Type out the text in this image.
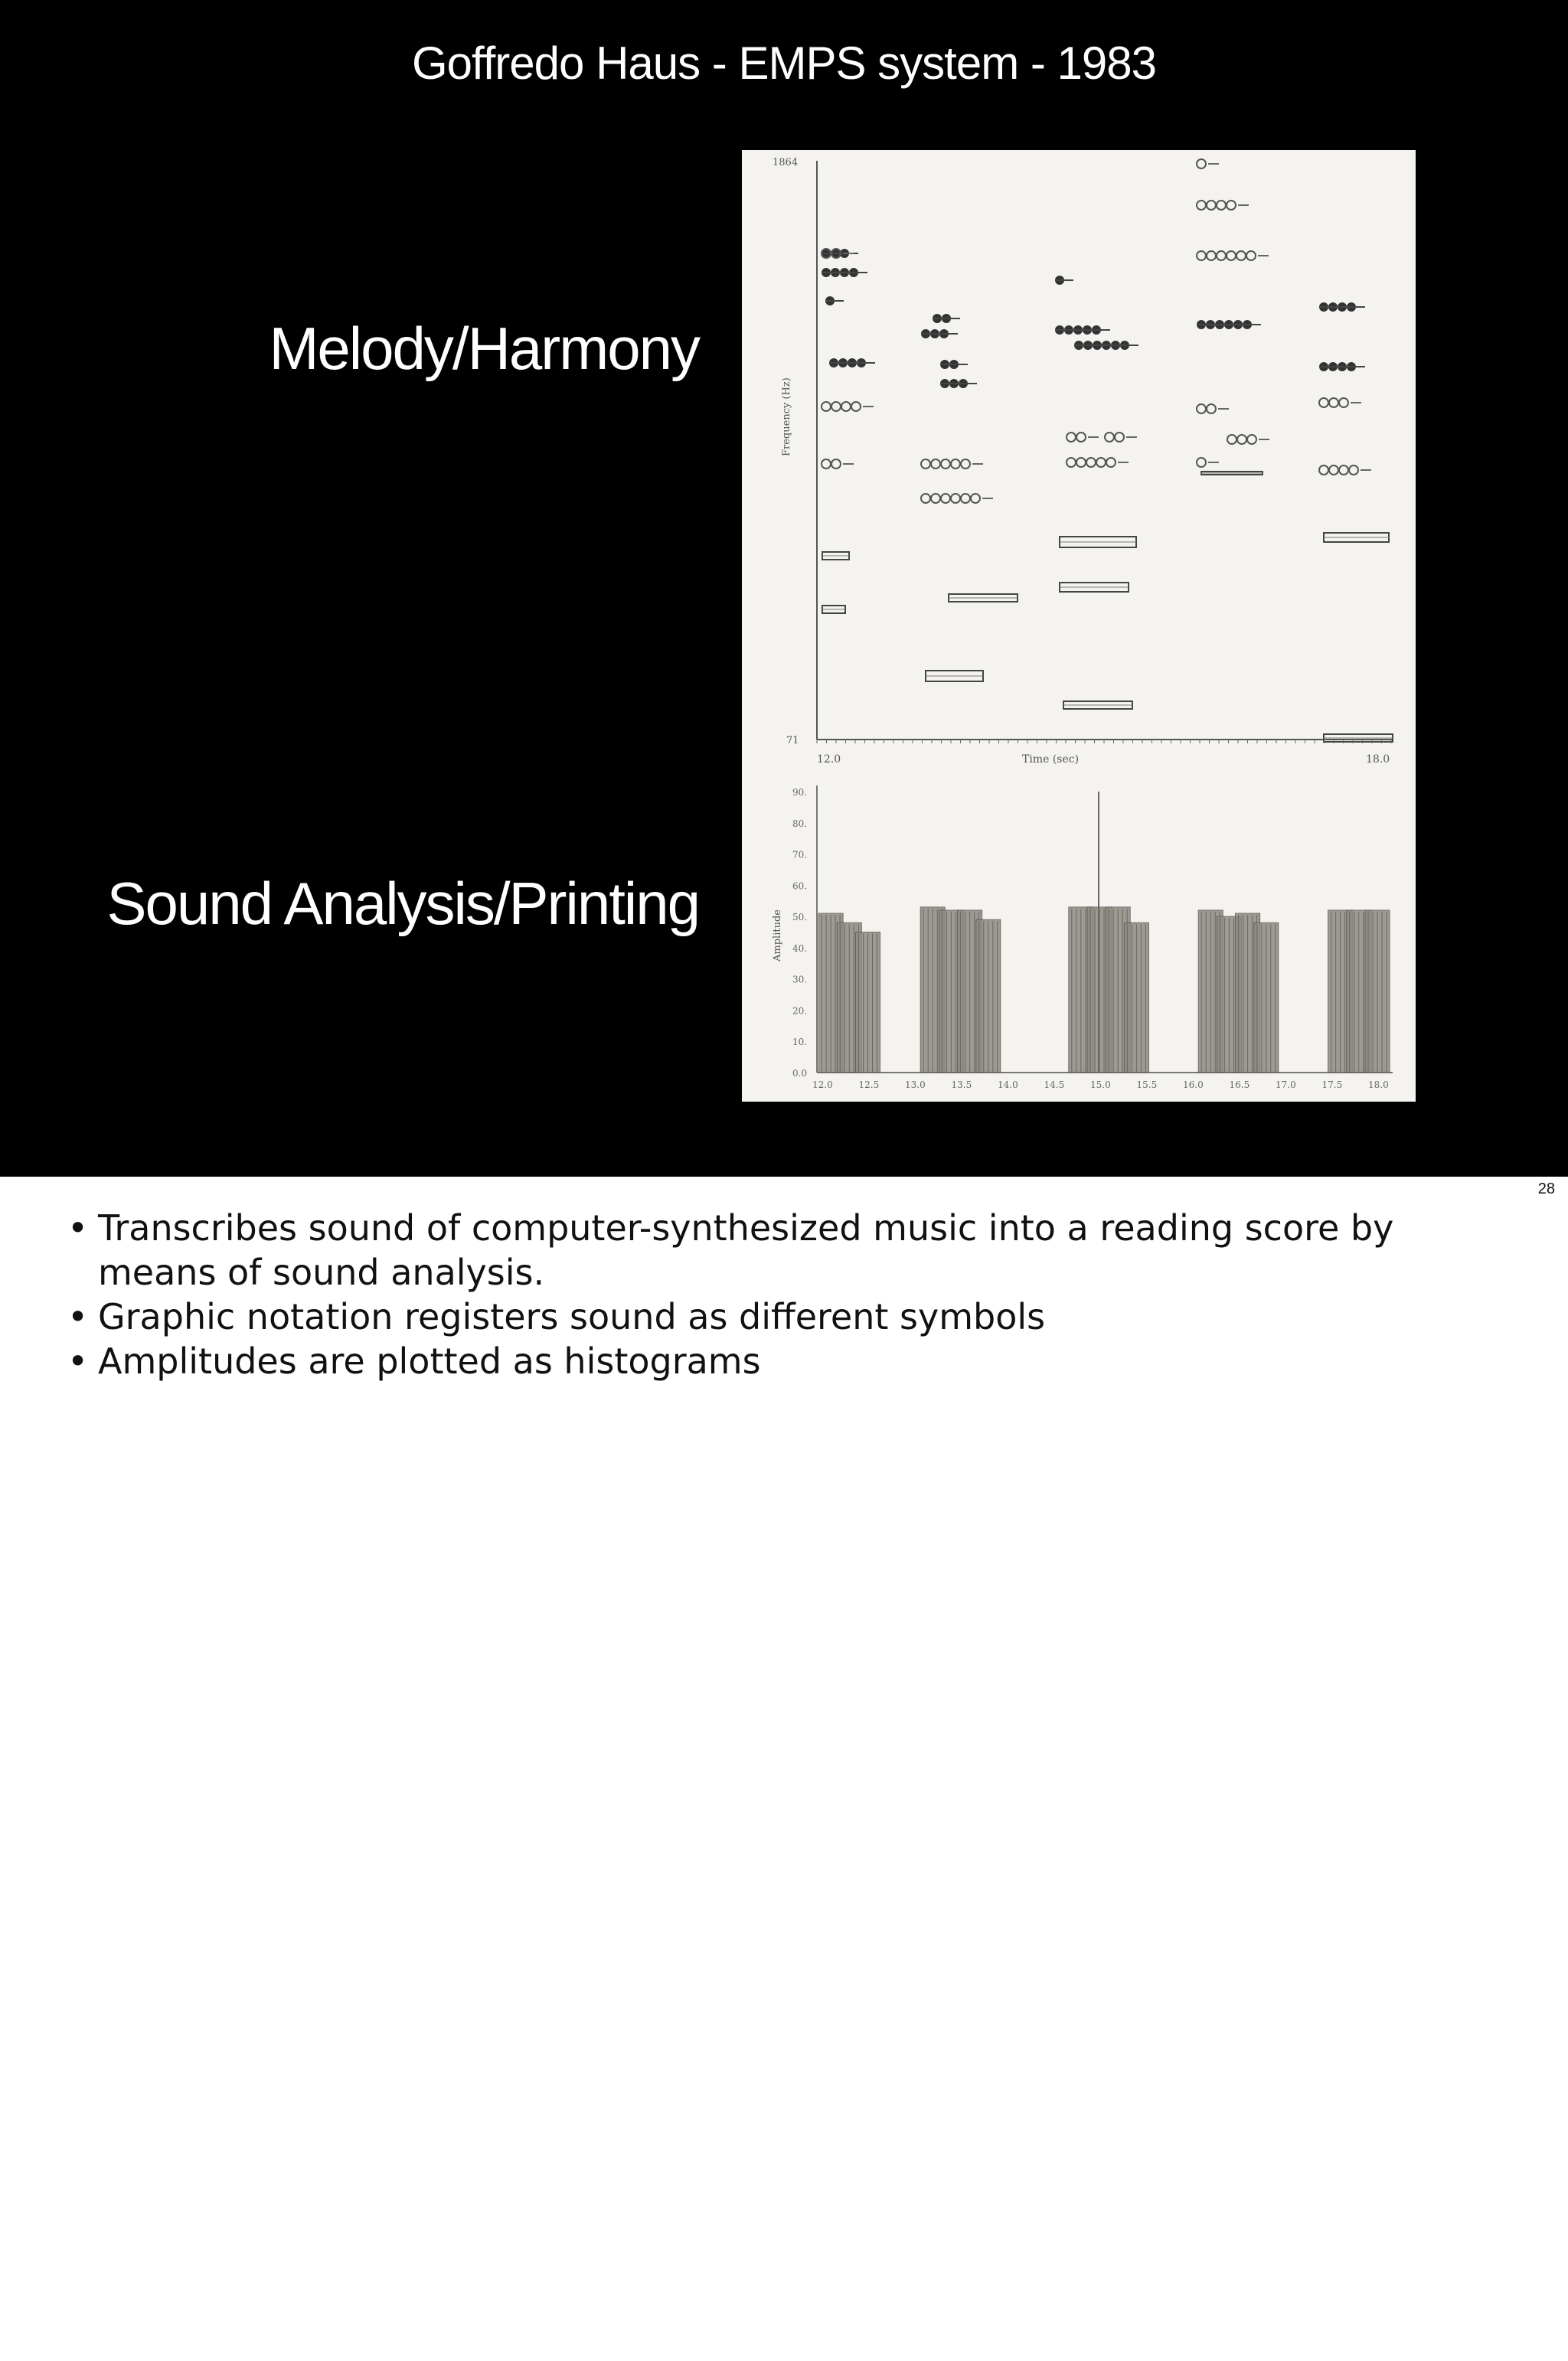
Goffredo Haus - EMPS system - 1983
Melody/Harmony
Sound Analysis/Printing
1864
71
Frequency (Hz)
12.0	18.0
Time (sec)
Amplitude
0.0
10.
20.
30.
40.
50.
60.
70.
80.
90.
12.0	12.5	13.0	13.5	14.0	14.5	15.0	15.5	16.0	16.5	17.0	17.5	18.0
28
• Transcribes sound of computer-synthesized music into a reading score by means of sound analysis.
• Graphic notation registers sound as different symbols
• Amplitudes are plotted as histograms
